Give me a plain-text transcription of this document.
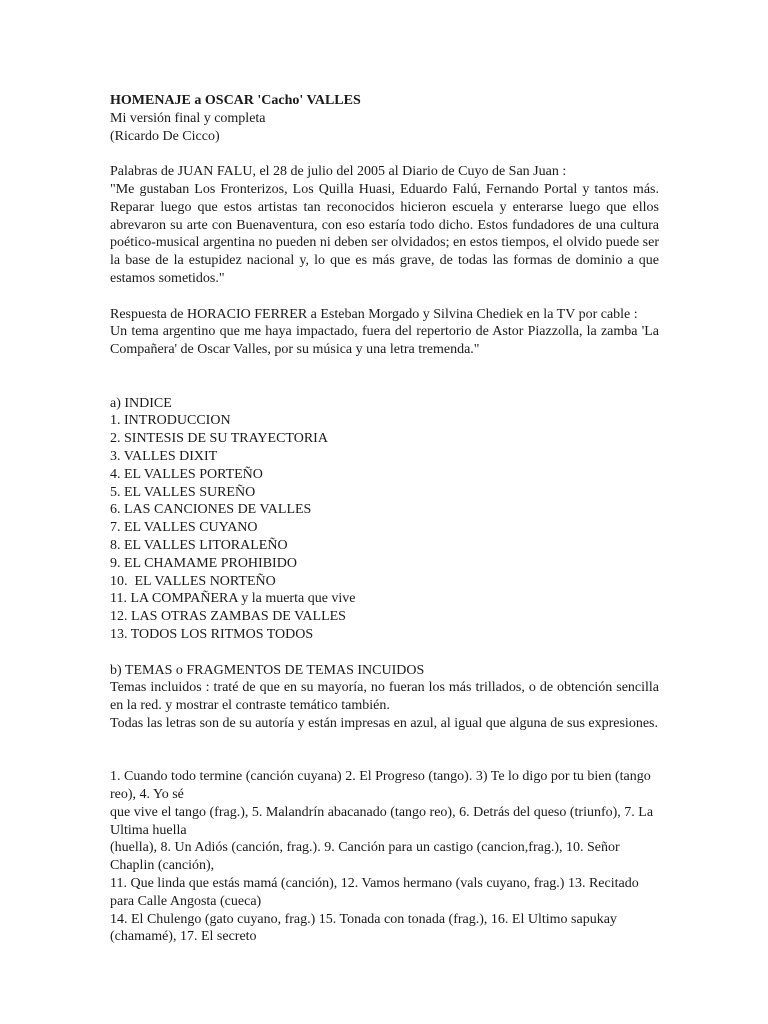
HOMENAJE a OSCAR 'Cacho' VALLES
Mi versión final y completa
(Ricardo De Cicco)
Palabras de JUAN FALU, el 28 de julio del 2005 al Diario de Cuyo de San Juan :
"Me gustaban Los Fronterizos, Los Quilla Huasi, Eduardo Falú, Fernando Portal y tantos más. Reparar luego que estos artistas tan reconocidos hicieron escuela y enterarse luego que ellos abrevaron su arte con Buenaventura, con eso estaría todo dicho. Estos fundadores de una cultura poético-musical argentina no pueden ni deben ser olvidados; en estos tiempos, el olvido puede ser la base de la estupidez nacional y, lo que es más grave, de todas las formas de dominio a que estamos sometidos."
Respuesta de HORACIO FERRER a Esteban Morgado y Silvina Chediek en la TV por cable :
Un tema argentino que me haya impactado, fuera del repertorio de Astor Piazzolla, la zamba 'La Compañera' de Oscar Valles, por su música y una letra tremenda."
a) INDICE
1. INTRODUCCION
2. SINTESIS DE SU TRAYECTORIA
3. VALLES DIXIT
4. EL VALLES PORTEÑO
5. EL VALLES SUREÑO
6. LAS CANCIONES DE VALLES
7. EL VALLES CUYANO
8. EL VALLES LITORALEÑO
9. EL CHAMAME PROHIBIDO
10.  EL VALLES NORTEÑO
11. LA COMPAÑERA y la muerta que vive
12. LAS OTRAS ZAMBAS DE VALLES
13. TODOS LOS RITMOS TODOS
b) TEMAS o FRAGMENTOS DE TEMAS INCUIDOS
Temas incluidos : traté de que en su mayoría, no fueran los más trillados, o de obtención sencilla en la red. y mostrar el contraste temático también.
Todas las letras son de su autoría y están impresas en azul, al igual que alguna de sus expresiones.
1. Cuando todo termine (canción cuyana) 2. El Progreso (tango). 3) Te lo digo por tu bien (tango reo), 4. Yo sé
que vive el tango (frag.), 5. Malandrín abacanado (tango reo), 6. Detrás del queso (triunfo), 7. La Ultima huella
(huella), 8. Un Adiós (canción, frag.). 9. Canción para un castigo (cancion,frag.), 10. Señor Chaplin (canción),
11. Que linda que estás mamá (canción), 12. Vamos hermano (vals cuyano, frag.) 13. Recitado para Calle Angosta (cueca)
14. El Chulengo (gato cuyano, frag.) 15. Tonada con tonada (frag.), 16. El Ultimo sapukay (chamamé), 17. El secreto
